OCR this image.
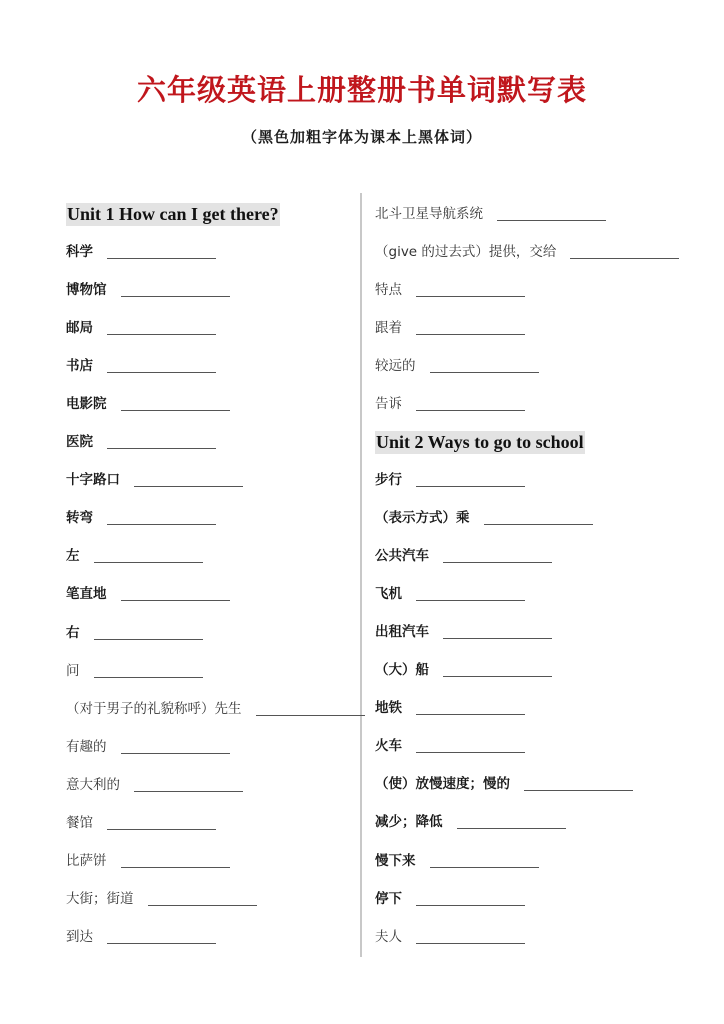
六年级英语上册整册书单词默写表
（黑色加粗字体为课本上黑体词）
Unit 1 How can I get there?
科学
博物馆
邮局
书店
电影院
医院
十字路口
转弯
左
笔直地
右
问
（对于男子的礼貌称呼）先生
有趣的
意大利的
餐馆
比萨饼
大街；街道
到达
北斗卫星导航系统
（give 的过去式）提供，交给
特点
跟着
较远的
告诉
Unit 2 Ways to go to school
步行
（表示方式）乘
公共汽车
飞机
出租汽车
（大）船
地铁
火车
（使）放慢速度；慢的
减少；降低
慢下来
停下
夫人
